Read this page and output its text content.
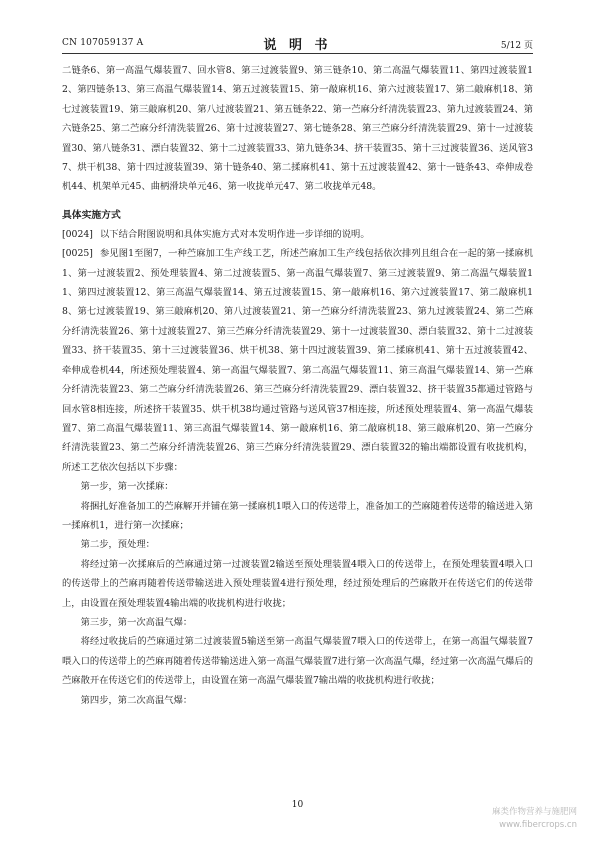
CN 107059137 A	说 明 书	5/12 页

二链条6、第一高温气爆装置7、回水管8、第三过渡装置9、第三链条10、第二高温气爆装置11、第四过渡装置12、第四链条13、第三高温气爆装置14、第五过渡装置15、第一敲麻机16、第六过渡装置17、第二敲麻机18、第七过渡装置19、第三敲麻机20、第八过渡装置21、第五链条22、第一苎麻分纤清洗装置23、第九过渡装置24、第六链条25、第二苎麻分纤清洗装置26、第十过渡装置27、第七链条28、第三苎麻分纤清洗装置29、第十一过渡装置30、第八链条31、漂白装置32、第十二过渡装置33、第九链条34、挤干装置35、第十三过渡装置36、送风管37、烘干机38、第十四过渡装置39、第十链条40、第二揉麻机41、第十五过渡装置42、第十一链条43、牵伸成卷机44、机架单元45、曲柄滑块单元46、第一收拢单元47、第二收拢单元48。

具体实施方式

[0024] 以下结合附图说明和具体实施方式对本发明作进一步详细的说明。

[0025] 参见图1至图7，一种苎麻加工生产线工艺，所述苎麻加工生产线包括依次排列且组合在一起的第一揉麻机1、第一过渡装置2、预处理装置4、第二过渡装置5、第一高温气爆装置7、第三过渡装置9、第二高温气爆装置11、第四过渡装置12、第三高温气爆装置14、第五过渡装置15、第一敲麻机16、第六过渡装置17、第二敲麻机18、第七过渡装置19、第三敲麻机20、第八过渡装置21、第一苎麻分纤清洗装置23、第九过渡装置24、第二苎麻分纤清洗装置26、第十过渡装置27、第三苎麻分纤清洗装置29、第十一过渡装置30、漂白装置32、第十二过渡装置33、挤干装置35、第十三过渡装置36、烘干机38、第十四过渡装置39、第二揉麻机41、第十五过渡装置42、牵伸成卷机44，所述预处理装置4、第一高温气爆装置7、第二高温气爆装置11、第三高温气爆装置14、第一苎麻分纤清洗装置23、第二苎麻分纤清洗装置26、第三苎麻分纤清洗装置29、漂白装置32、挤干装置35都通过管路与回水管8相连接，所述挤干装置35、烘干机38均通过管路与送风管37相连接，所述预处理装置4、第一高温气爆装置7、第二高温气爆装置11、第三高温气爆装置14、第一敲麻机16、第二敲麻机18、第三敲麻机20、第一苎麻分纤清洗装置23、第二苎麻分纤清洗装置26、第三苎麻分纤清洗装置29、漂白装置32的输出端都设置有收拢机构，所述工艺依次包括以下步骤：

第一步，第一次揉麻：

将捆扎好准备加工的苎麻解开并铺在第一揉麻机1喂入口的传送带上，准备加工的苎麻随着传送带的输送进入第一揉麻机1，进行第一次揉麻；

第二步，预处理：

将经过第一次揉麻后的苎麻通过第一过渡装置2输送至预处理装置4喂入口的传送带上，在预处理装置4喂入口的传送带上的苎麻再随着传送带输送进入预处理装置4进行预处理，经过预处理后的苎麻散开在传送它们的传送带上，由设置在预处理装置4输出端的收拢机构进行收拢；

第三步，第一次高温气爆：

将经过收拢后的苎麻通过第二过渡装置5输送至第一高温气爆装置7喂入口的传送带上，在第一高温气爆装置7喂入口的传送带上的苎麻再随着传送带输送进入第一高温气爆装置7进行第一次高温气爆，经过第一次高温气爆后的苎麻散开在传送它们的传送带上，由设置在第一高温气爆装置7输出端的收拢机构进行收拢；

第四步，第二次高温气爆：

10
麻类作物营养与施肥网
www.fibercrops.cn
